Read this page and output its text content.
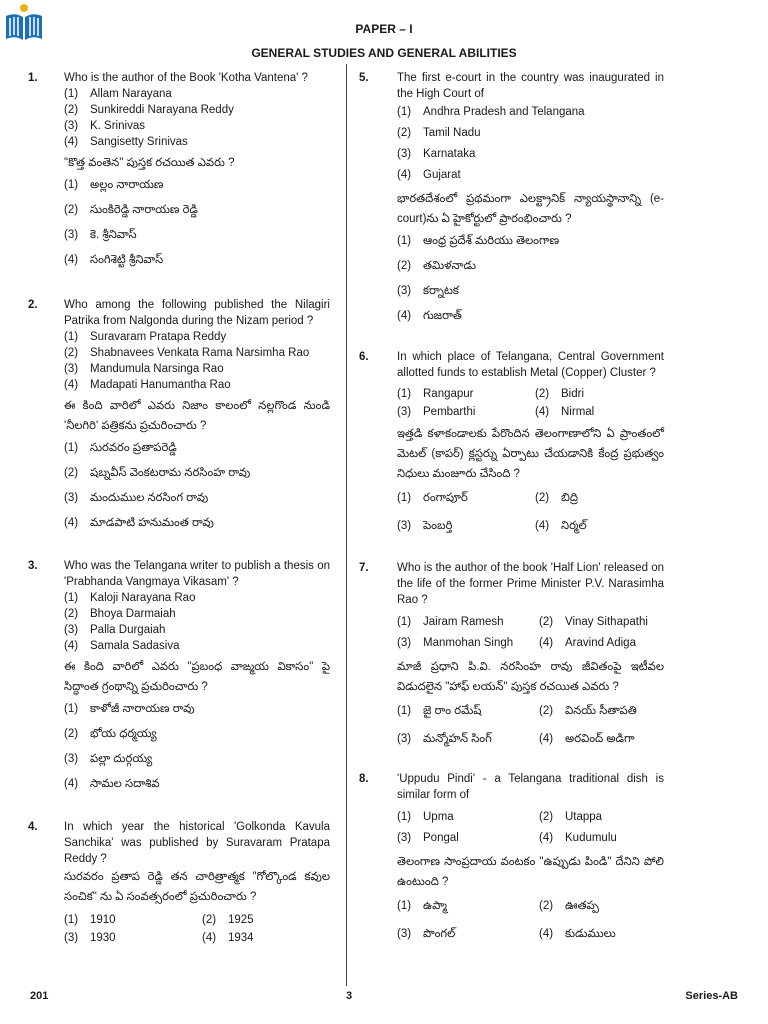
PAPER – I
GENERAL STUDIES AND GENERAL ABILITIES
1. Who is the author of the Book 'Kotha Vantena' ?
(1)	Allam Narayana
(2)	Sunkireddi Narayana Reddy
(3)	K. Srinivas
(4)	Sangisetty Srinivas
"కొత్త వంతెన" పుస్తక రచయిత ఎవరు ?
(1)	అల్లం నారాయణ
(2)	సుంకిరెడ్డి నారాయణ రెడ్డి
(3)	కె. శ్రీనివాస్
(4)	సంగిశెట్టి శ్రీనివాస్
2. Who among the following published the Nilagiri Patrika from Nalgonda during the Nizam period ?
(1)	Suravaram Pratapa Reddy
(2)	Shabnavees Venkata Rama Narsimha Rao
(3)	Mandumula Narsinga Rao
(4)	Madapati Hanumantha Rao
ఈ కింది వారిలో ఎవరు నిజాం కాలంలో నల్లగొండ నుండి 'నీలగిరి' పత్రికను ప్రచురించారు ?
(1)	సురవరం ప్రతాపరెడ్డి
(2)	షబ్నవీస్ వెంకటరామ నరసింహ రావు
(3)	మందుముల నరసింగ రావు
(4)	మాడపాటి హనుమంత రావు
3. Who was the Telangana writer to publish a thesis on 'Prabhanda Vangmaya Vikasam' ?
(1)	Kaloji Narayana Rao
(2)	Bhoya Darmaiah
(3)	Palla Durgaiah
(4)	Samala Sadasiva
ఈ కింది వారిలో ఎవరు "ప్రబంధ వాఙ్మయ వికాసం" పై సిద్ధాంత గ్రంథాన్ని ప్రచురించారు ?
(1)	కాళోజీ నారాయణ రావు
(2)	భోయ ధర్మయ్య
(3)	పల్లా దుర్గయ్య
(4)	సామల సదాశివ
4. In which year the historical 'Golkonda Kavula Sanchika' was published by Suravaram Pratapa Reddy ?
సురవరం ప్రతాప రెడ్డి తన చారిత్రాత్మక "గోల్కొండ కవుల సంచిక" ను ఏ సంవత్సరంలో ప్రచురించారు ?
(1)	1910	(2)	1925
(3)	1930	(4)	1934
5. The first e-court in the country was inaugurated in the High Court of
(1)	Andhra Pradesh and Telangana
(2)	Tamil Nadu
(3)	Karnataka
(4)	Gujarat
భారతదేశంలో ప్రథమంగా ఎలక్ట్రానిక్ న్యాయస్థానాన్ని (e-court)ను ఏ హైకోర్టులో ప్రారంభించారు ?
(1)	ఆంధ్ర ప్రదేశ్ మరియు తెలంగాణ
(2)	తమిళనాడు
(3)	కర్నాటక
(4)	గుజరాత్
6. In which place of Telangana, Central Government allotted funds to establish Metal (Copper) Cluster ?
(1)	Rangapur	(2)	Bidri
(3)	Pembarthi	(4)	Nirmal
ఇత్తడి కళాకండాలకు పేరొందిన తెలంగాణాలోని ఏ ప్రాంతంలో మెటల్ (కాపర్) క్లస్టర్ను ఏర్పాటు చేయడానికి కేంద్ర ప్రభుత్వం నిధులు మంజూరు చేసింది ?
(1)	రంగాపూర్	(2)	బిద్రి
(3)	పెంబర్తి	(4)	నిర్మల్
7. Who is the author of the book 'Half Lion' released on the life of the former Prime Minister P.V. Narasimha Rao ?
(1)	Jairam Ramesh	(2)	Vinay Sithapathi
(3)	Manmohan Singh (4)	Aravind Adiga
మాజీ ప్రధాని పి.వి. నరసింహ రావు జీవితంపై ఇటీవల విడుదలైన "హాఫ్ లయన్" పుస్తక రచయిత ఎవరు ?
(1)	జై రాం రమేష్	(2)	వినయ్ సీతాపతి
(3)	మన్మోహన్ సింగ్	(4)	అరవింద్ అడిగా
8. 'Uppudu Pindi' - a Telangana traditional dish is similar form of
(1)	Upma	(2)	Utappa
(3)	Pongal	(4)	Kudumulu
తెలంగాణ సాంప్రదాయ వంటకం "ఉప్పుడు పిండి" దేనిని పోలి ఉంటుంది ?
(1)	ఉప్మా	(2)	ఊతప్ప
(3)	పొంగల్	(4)	కుడుములు
201	3	Series-AB
